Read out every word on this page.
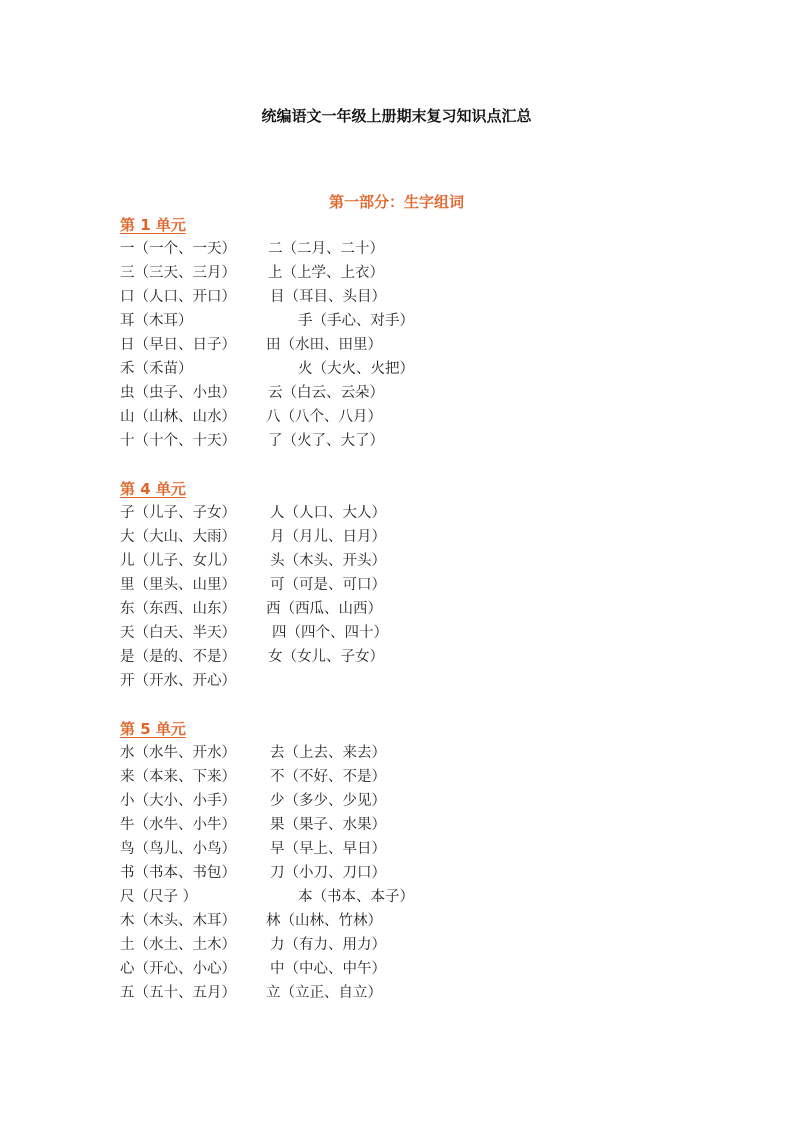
统编语文一年级上册期末复习知识点汇总
第一部分：生字组词
第 1 单元
一（一个、一天） 二（二月、二十）
三（三天、三月） 上（上学、上衣）
口（人口、开口） 目（耳目、头目）
耳（木耳）	手（手心、对手）
日（早日、日子） 田（水田、田里）
禾（禾苗）	火（大火、火把）
虫（虫子、小虫） 云（白云、云朵）
山（山林、山水） 八（八个、八月）
十（十个、十天） 了（火了、大了）
第 4 单元
子（儿子、子女） 人（人口、大人）
大（大山、大雨） 月（月儿、日月）
儿（儿子、女儿） 头（木头、开头）
里（里头、山里） 可（可是、可口）
东（东西、山东） 西（西瓜、山西）
天（白天、半天） 四（四个、四十）
是（是的、不是） 女（女儿、子女）
开（开水、开心）
第 5 单元
水（水牛、开水） 去（上去、来去）
来（本来、下来） 不（不好、不是）
小（大小、小手） 少（多少、少见）
牛（水牛、小牛） 果（果子、水果）
鸟（鸟儿、小鸟） 早（早上、早日）
书（书本、书包） 刀（小刀、刀口）
尺（尺子 ）	本（书本、本子）
木（木头、木耳） 林（山林、竹林）
土（水土、土木） 力（有力、用力）
心（开心、小心） 中（中心、中午）
五（五十、五月） 立（立正、自立）
